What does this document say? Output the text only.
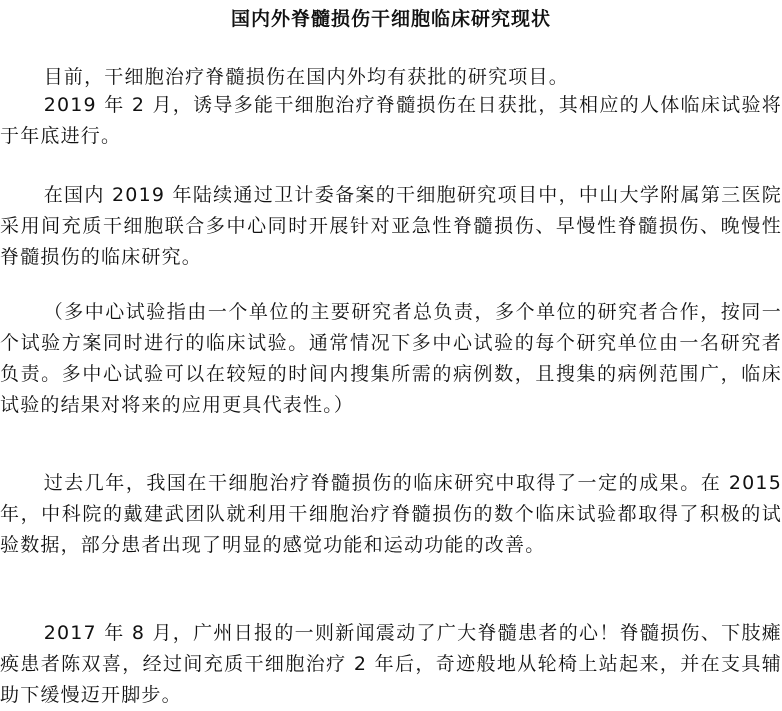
国内外脊髓损伤干细胞临床研究现状

目前，干细胞治疗脊髓损伤在国内外均有获批的研究项目。

2019 年 2 月，诱导多能干细胞治疗脊髓损伤在日获批，其相应的人体临床试验将于年底进行。

在国内 2019 年陆续通过卫计委备案的干细胞研究项目中，中山大学附属第三医院采用间充质干细胞联合多中心同时开展针对亚急性脊髓损伤、早慢性脊髓损伤、晚慢性脊髓损伤的临床研究。

（多中心试验指由一个单位的主要研究者总负责，多个单位的研究者合作，按同一个试验方案同时进行的临床试验。通常情况下多中心试验的每个研究单位由一名研究者负责。多中心试验可以在较短的时间内搜集所需的病例数，且搜集的病例范围广，临床试验的结果对将来的应用更具代表性。）

过去几年，我国在干细胞治疗脊髓损伤的临床研究中取得了一定的成果。在 2015 年，中科院的戴建武团队就利用干细胞治疗脊髓损伤的数个临床试验都取得了积极的试验数据，部分患者出现了明显的感觉功能和运动功能的改善。

2017 年 8 月，广州日报的一则新闻震动了广大脊髓患者的心！脊髓损伤、下肢瘫痪患者陈双喜，经过间充质干细胞治疗 2 年后，奇迹般地从轮椅上站起来，并在支具辅助下缓慢迈开脚步。
